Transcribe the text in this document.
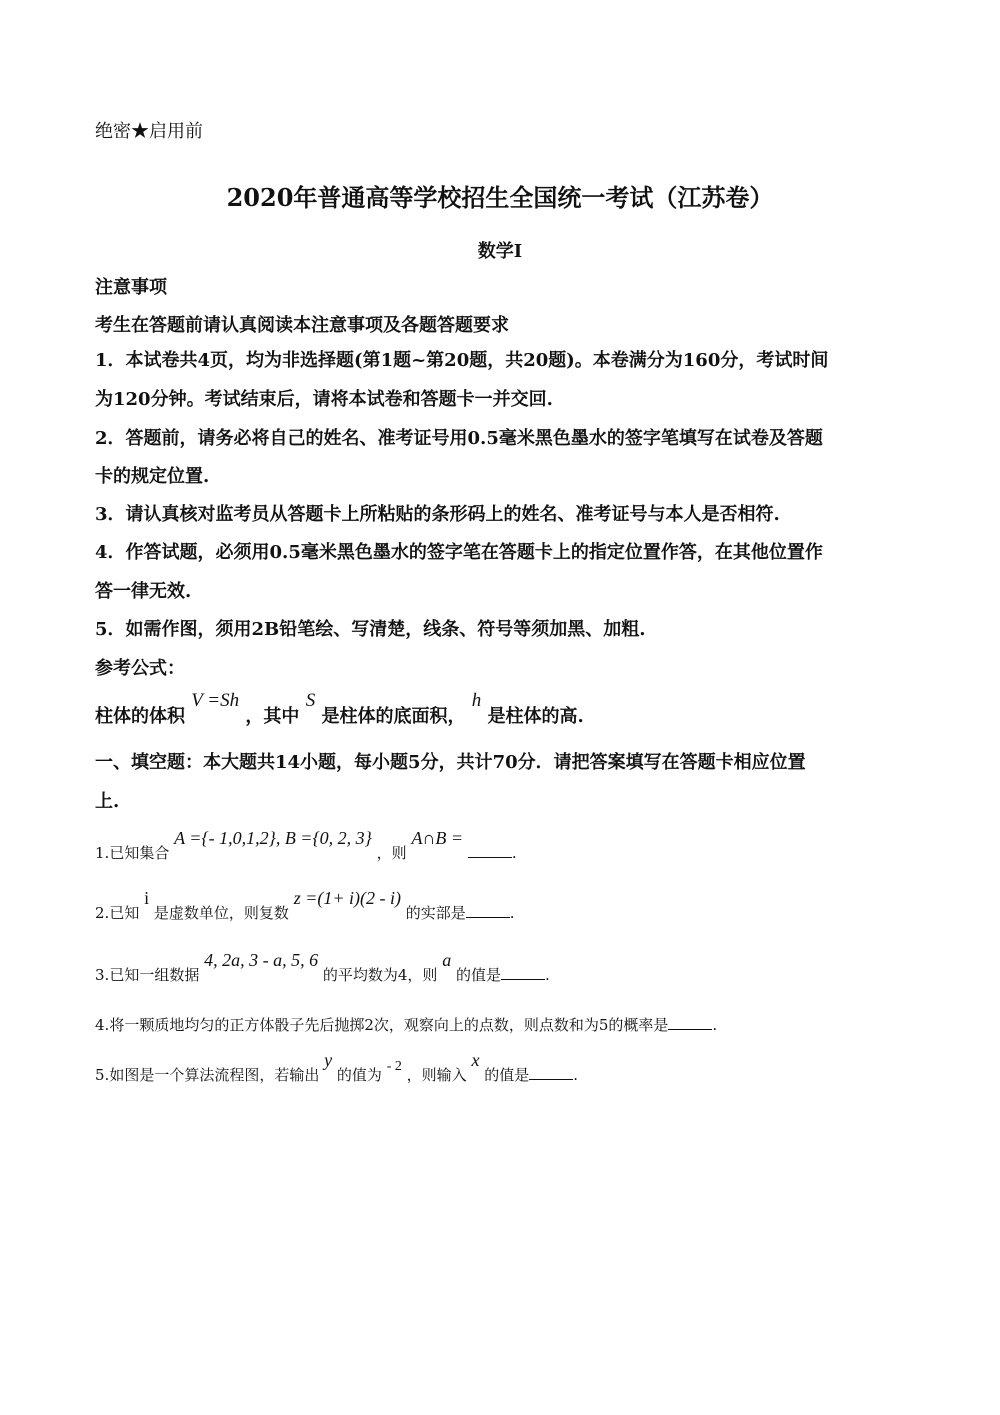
绝密★启用前
2020年普通高等学校招生全国统一考试（江苏卷）
数学Ⅰ
注意事项
考生在答题前请认真阅读本注意事项及各题答题要求
1．本试卷共4页，均为非选择题(第1题~第20题，共20题)。本卷满分为160分，考试时间
为120分钟。考试结束后，请将本试卷和答题卡一并交回.
2．答题前，请务必将自己的姓名、准考证号用0.5毫米黑色墨水的签字笔填写在试卷及答题
卡的规定位置.
3．请认真核对监考员从答题卡上所粘贴的条形码上的姓名、准考证号与本人是否相符.
4．作答试题，必须用0.5毫米黑色墨水的签字笔在答题卡上的指定位置作答，在其他位置作
答一律无效.
5．如需作图，须用2B铅笔绘、写清楚，线条、符号等须加黑、加粗.
参考公式：
柱体的体积 V =Sh ，其中 S 是柱体的底面积， h 是柱体的高.
一、填空题：本大题共14小题，每小题5分，共计70分．请把答案填写在答题卡相应位置
上.
1.已知集合 A ={- 1,0,1,2}, B ={0, 2, 3} ，则 A∩B = .
2.已知 i 是虚数单位，则复数 z =(1+ i)(2 - i) 的实部是	.
3.已知一组数据 4, 2a, 3 - a, 5, 6 的平均数为4，则 a 的值是	.
4.将一颗质地均匀的正方体骰子先后抛掷2次，观察向上的点数，则点数和为5的概率是	.
5.如图是一个算法流程图，若输出 y 的值为 - 2 ，则输入 x 的值是	.
